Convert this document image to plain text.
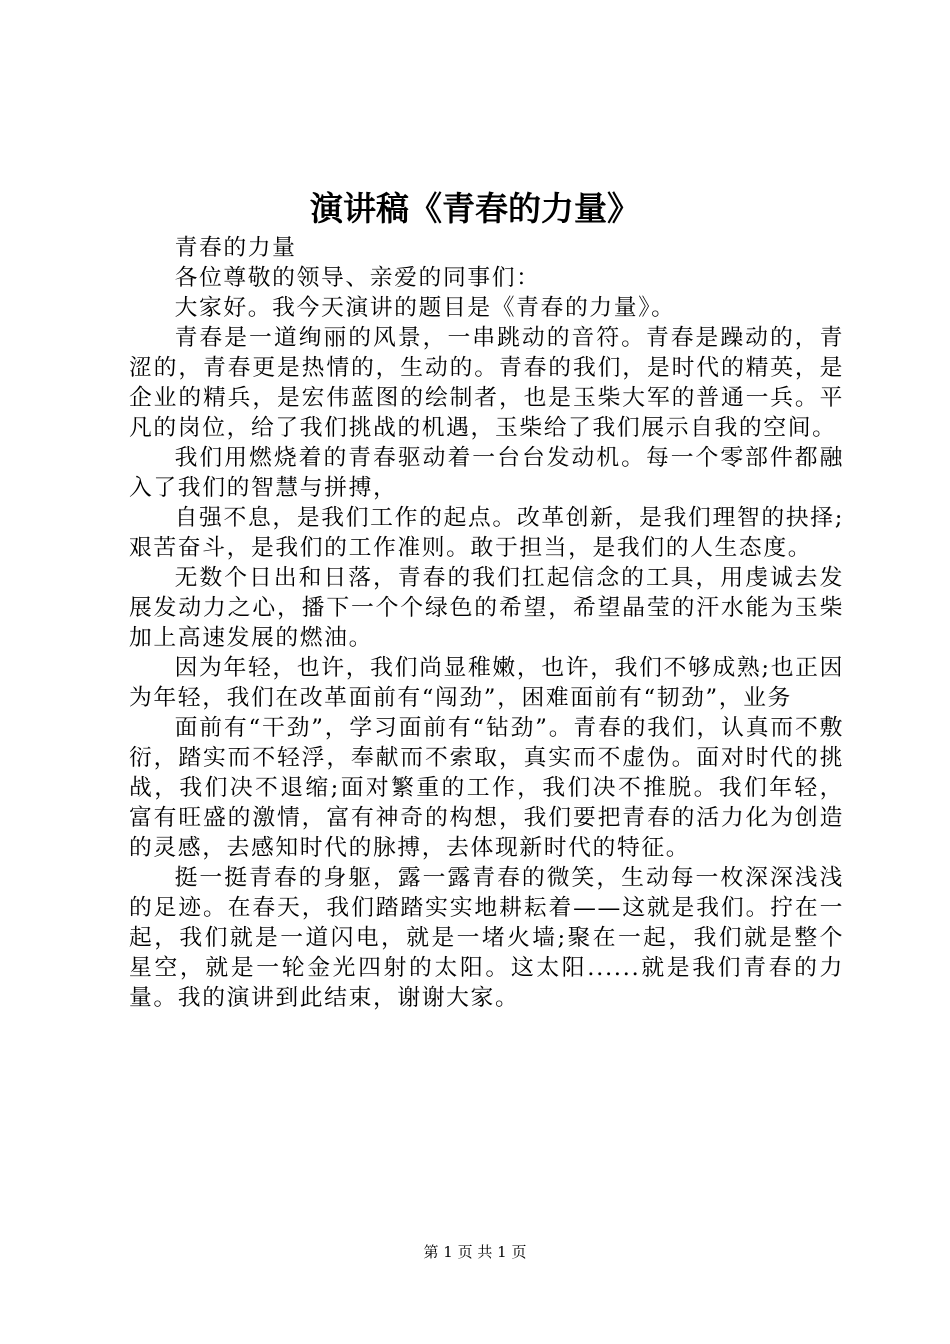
演讲稿《青春的力量》

青春的力量

各位尊敬的领导、亲爱的同事们：

大家好。我今天演讲的题目是《青春的力量》。

青春是一道绚丽的风景，一串跳动的音符。青春是躁动的，青涩的，青春更是热情的，生动的。青春的我们，是时代的精英，是企业的精兵，是宏伟蓝图的绘制者，也是玉柴大军的普通一兵。平凡的岗位，给了我们挑战的机遇，玉柴给了我们展示自我的空间。

我们用燃烧着的青春驱动着一台台发动机。每一个零部件都融入了我们的智慧与拼搏，

自强不息，是我们工作的起点。改革创新，是我们理智的抉择;艰苦奋斗，是我们的工作准则。敢于担当，是我们的人生态度。

无数个日出和日落，青春的我们扛起信念的工具，用虔诚去发展发动力之心，播下一个个绿色的希望，希望晶莹的汗水能为玉柴加上高速发展的燃油。

因为年轻，也许，我们尚显稚嫩，也许，我们不够成熟;也正因为年轻，我们在改革面前有“闯劲”，困难面前有“韧劲”，业务

面前有“干劲”，学习面前有“钻劲”。青春的我们，认真而不敷衍，踏实而不轻浮，奉献而不索取，真实而不虚伪。面对时代的挑战，我们决不退缩;面对繁重的工作，我们决不推脱。我们年轻，富有旺盛的激情，富有神奇的构想，我们要把青春的活力化为创造的灵感，去感知时代的脉搏，去体现新时代的特征。

挺一挺青春的身躯，露一露青春的微笑，生动每一枚深深浅浅的足迹。在春天，我们踏踏实实地耕耘着——这就是我们。拧在一起，我们就是一道闪电，就是一堵火墙;聚在一起，我们就是整个星空，就是一轮金光四射的太阳。这太阳......就是我们青春的力量。我的演讲到此结束，谢谢大家。

第 1 页 共 1 页
